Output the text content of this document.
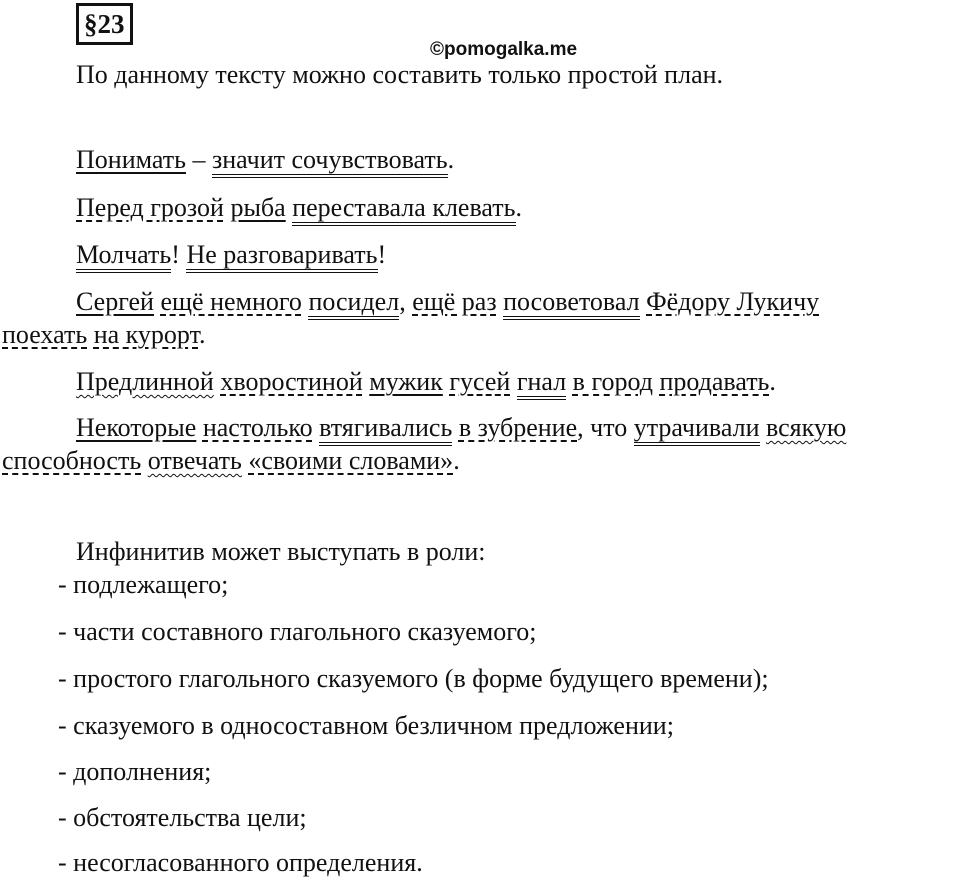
§23
©pomogalka.me
По данному тексту можно составить только простой план.
Понимать – значит сочувствовать.
Перед грозой рыба переставала клевать.
Молчать! Не разговаривать!
Сергей ещё немного посидел, ещё раз посоветовал Фёдору Лукичу
поехать на курорт.
Предлинной хворостиной мужик гусей гнал в город продавать.
Некоторые настолько втягивались в зубрение, что утрачивали всякую
способность отвечать «своими словами».
Инфинитив может выступать в роли:
- подлежащего;
- части составного глагольного сказуемого;
- простого глагольного сказуемого (в форме будущего времени);
- сказуемого в односоставном безличном предложении;
- дополнения;
- обстоятельства цели;
- несогласованного определения.
